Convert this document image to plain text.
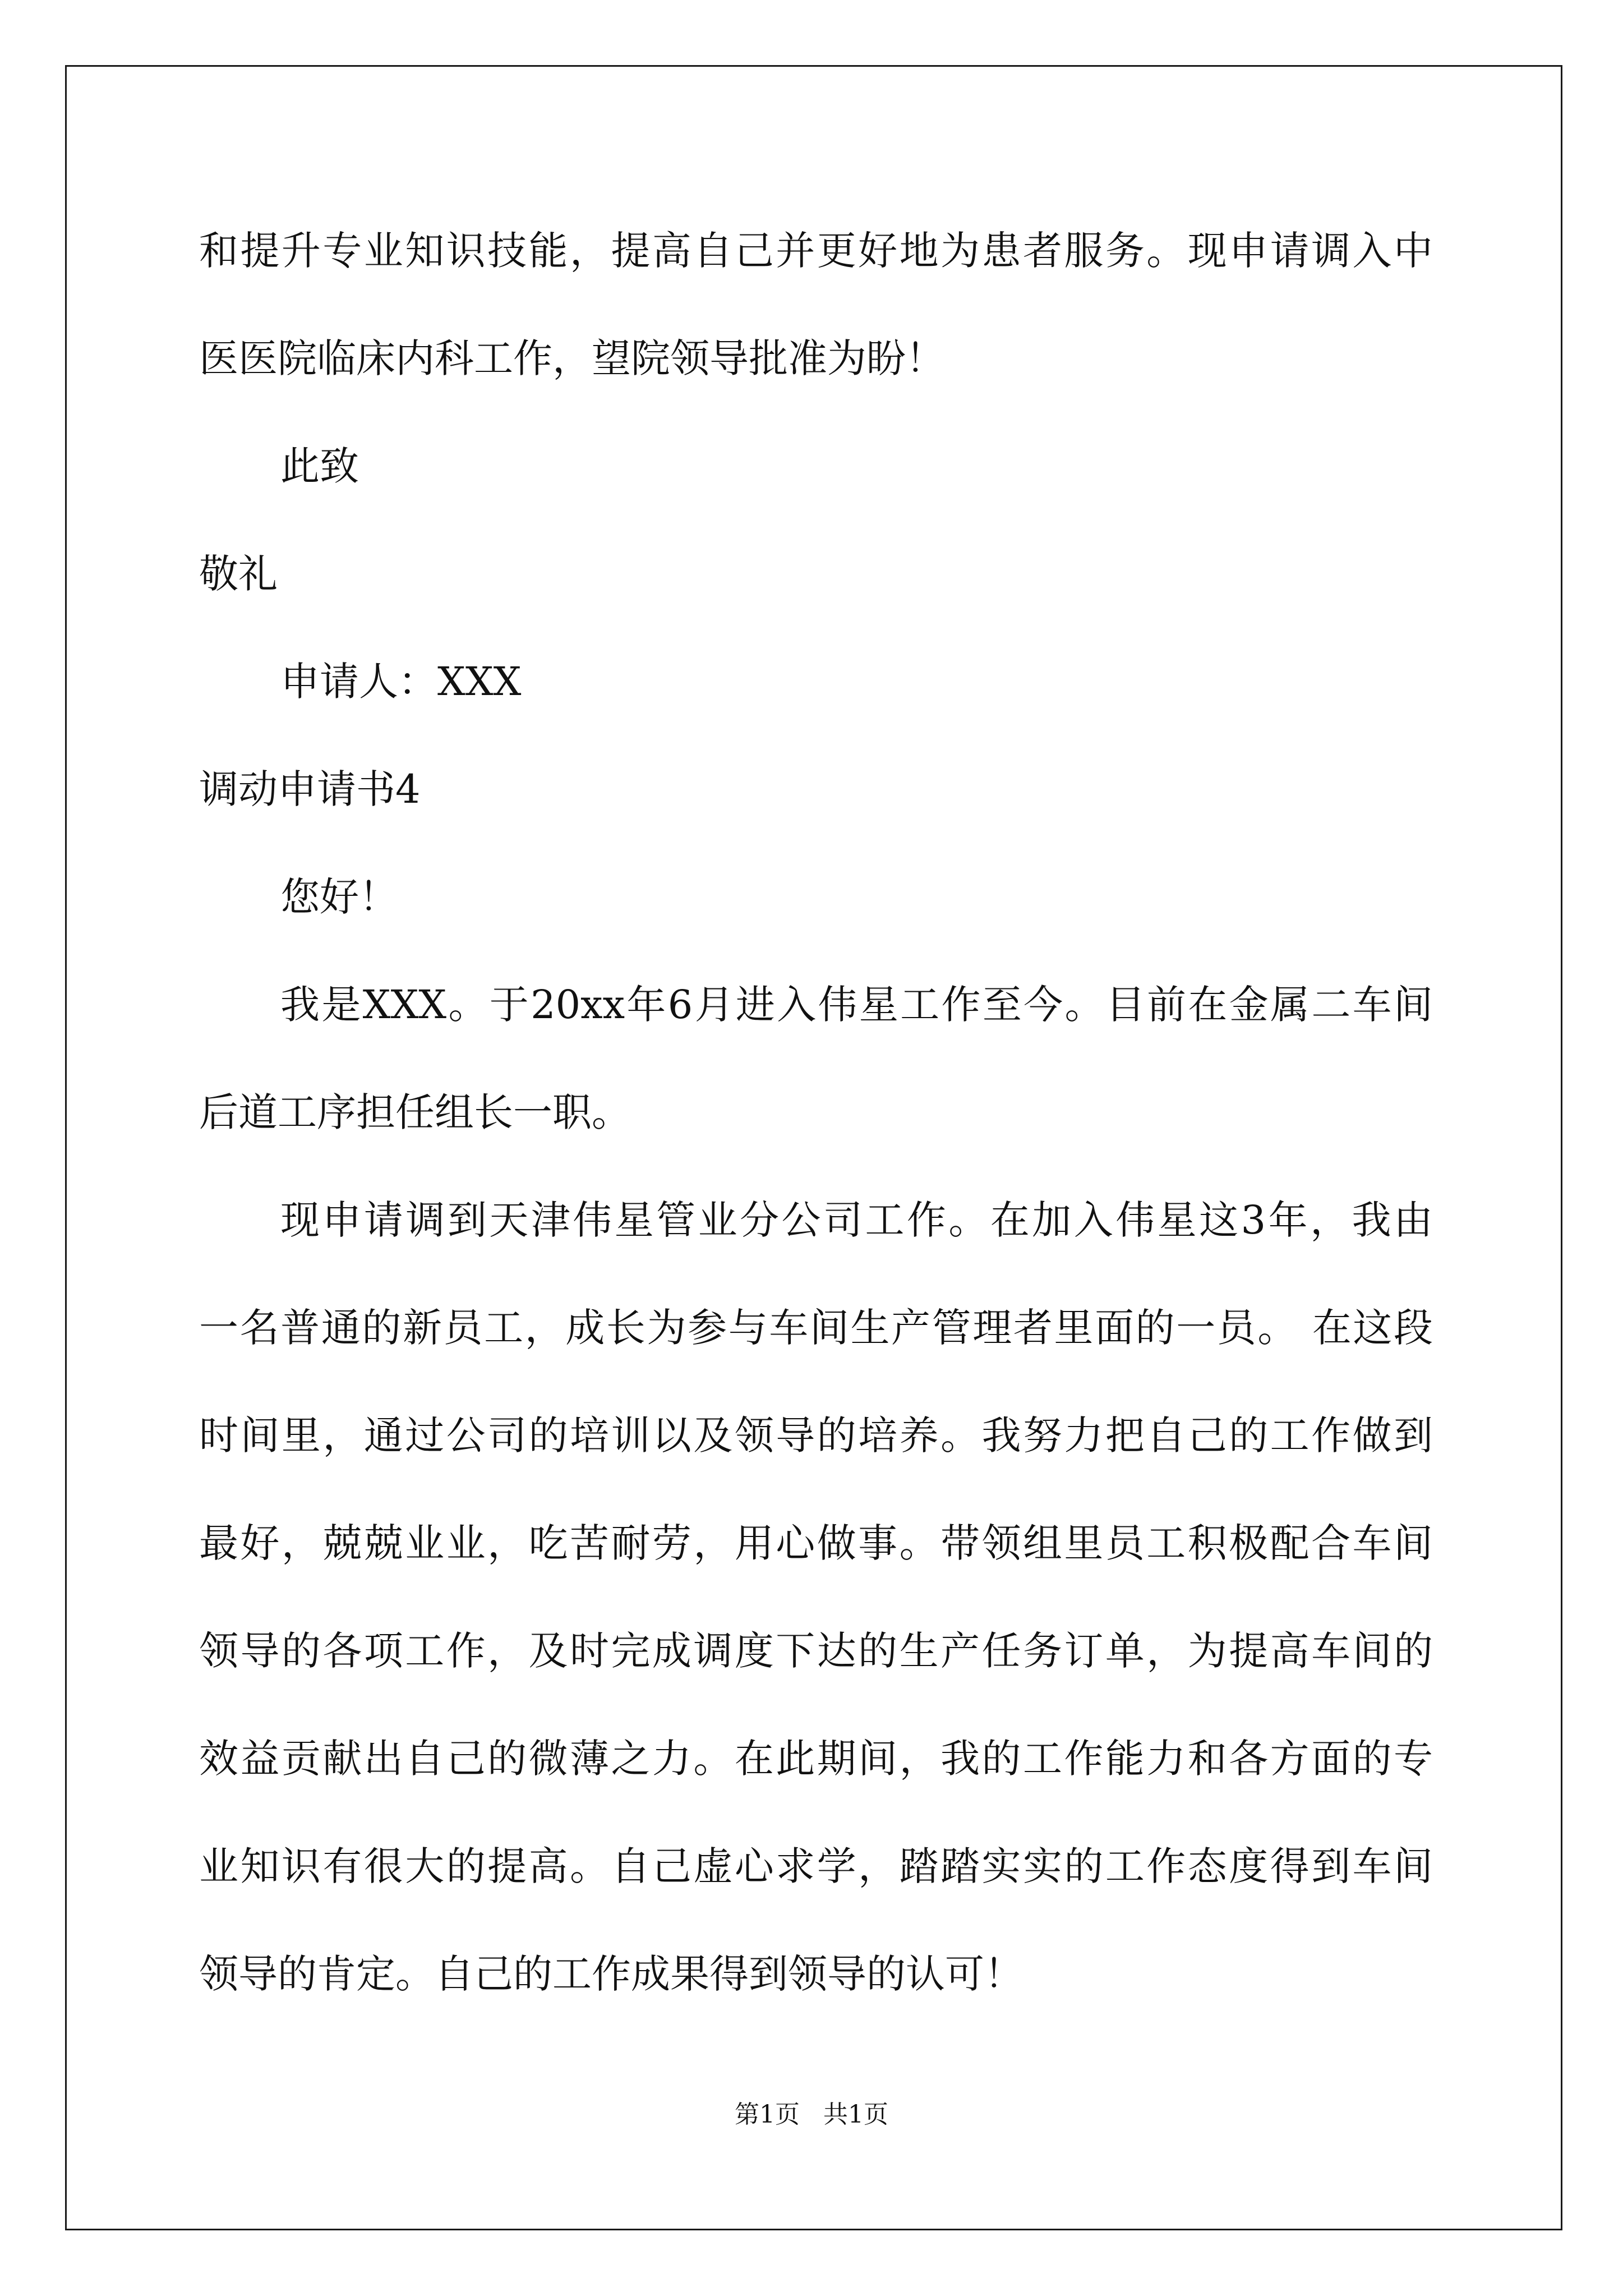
和提升专业知识技能，提高自己并更好地为患者服务。现申请调入中
医医院临床内科工作，望院领导批准为盼！
此致
敬礼
申请人：XXX
调动申请书4
您好！
我是XXX。于20xx年6月进入伟星工作至今。目前在金属二车间
后道工序担任组长一职。
现申请调到天津伟星管业分公司工作。在加入伟星这3年，我由
一名普通的新员工，成长为参与车间生产管理者里面的一员。 在这段
时间里，通过公司的培训以及领导的培养。我努力把自己的工作做到
最好，兢兢业业，吃苦耐劳，用心做事。带领组里员工积极配合车间
领导的各项工作，及时完成调度下达的生产任务订单，为提高车间的
效益贡献出自己的微薄之力。在此期间，我的工作能力和各方面的专
业知识有很大的提高。自己虚心求学，踏踏实实的工作态度得到车间
领导的肯定。自己的工作成果得到领导的认可！
第1页   共1页
